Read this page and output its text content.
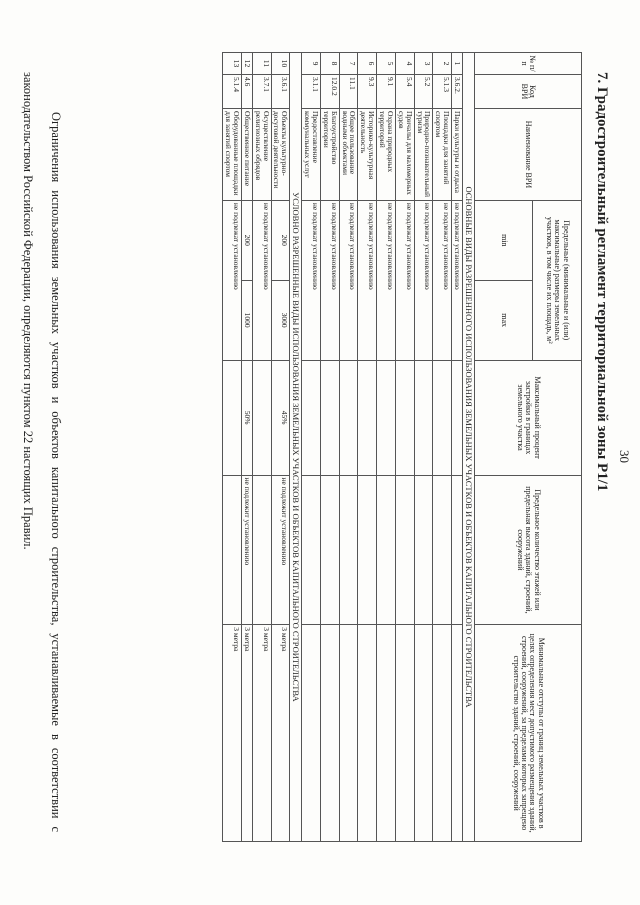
30
7. Градостроительный регламент территориальной зоны Р1/1
№ п/п	Код ВРИ	Наименование ВРИ	Предельные (минимальные и (или) максимальные) размеры земельных участков, в том числе их площадь, м²		Максимальный процент застройки в границах земельного участка	Предельное количество этажей или предельная высота зданий, строений, сооружений	Минимальные отступы от границ земельных участков в целях определения мест допустимого размещения зданий, строений, сооружений, за пределами которых запрещено строительство зданий, строений, сооружений
			min	max			
ОСНОВНЫЕ ВИДЫ РАЗРЕШЕННОГО ИСПОЛЬЗОВАНИЯ ЗЕМЕЛЬНЫХ УЧАСТКОВ И ОБЪЕКТОВ КАПИТАЛЬНОГО СТРОИТЕЛЬСТВА							
1	3.6.2.	Парки культуры и отдыха	не подлежат установлению				
2	5.1.3	Площадки для занятий спортом	не подлежат установлению				
3	5.2	Природно-познавательный туризм	не подлежат установлению				
4	5.4	Причалы для маломерных судов	не подлежат установлению				
5	9.1	Охрана природных территорий	не подлежат установлению				
6	9.3	Историко-культурная деятельность	не подлежат установлению				
7	11.1	Общее пользование водными объектами	не подлежат установлению				
8	12.0.2	Благоустройство территории	не подлежат установлению				
9	3.1.1	Предоставление коммунальных услуг	не подлежат установлению				
УСЛОВНО РАЗРЕШЕННЫЕ ВИДЫ ИСПОЛЬЗОВАНИЯ ЗЕМЕЛЬНЫХ УЧАСТКОВ И ОБЪЕКТОВ КАПИТАЛЬНОГО СТРОИТЕЛЬСТВА							
10	3.6.1	Объекты культурно-досуговой деятельности	200	3000	45%	не подлежит установлению	3 метра
11	3.7.1	Осуществление религиозных обрядов	не подлежат установлению				3 метра
12	4.6	Общественное питание	200	1000	50%	не подлежит установлению	3 метра
13	5.1.4	Оборудованные площадки для занятий спортом	не подлежат установлению				3 метра
Ограничения использования земельных участков и объектов капитального строительства, устанавливаемые в соответствии с законодательством Российской Федерации, определяются пунктом 22 настоящих Правил.
